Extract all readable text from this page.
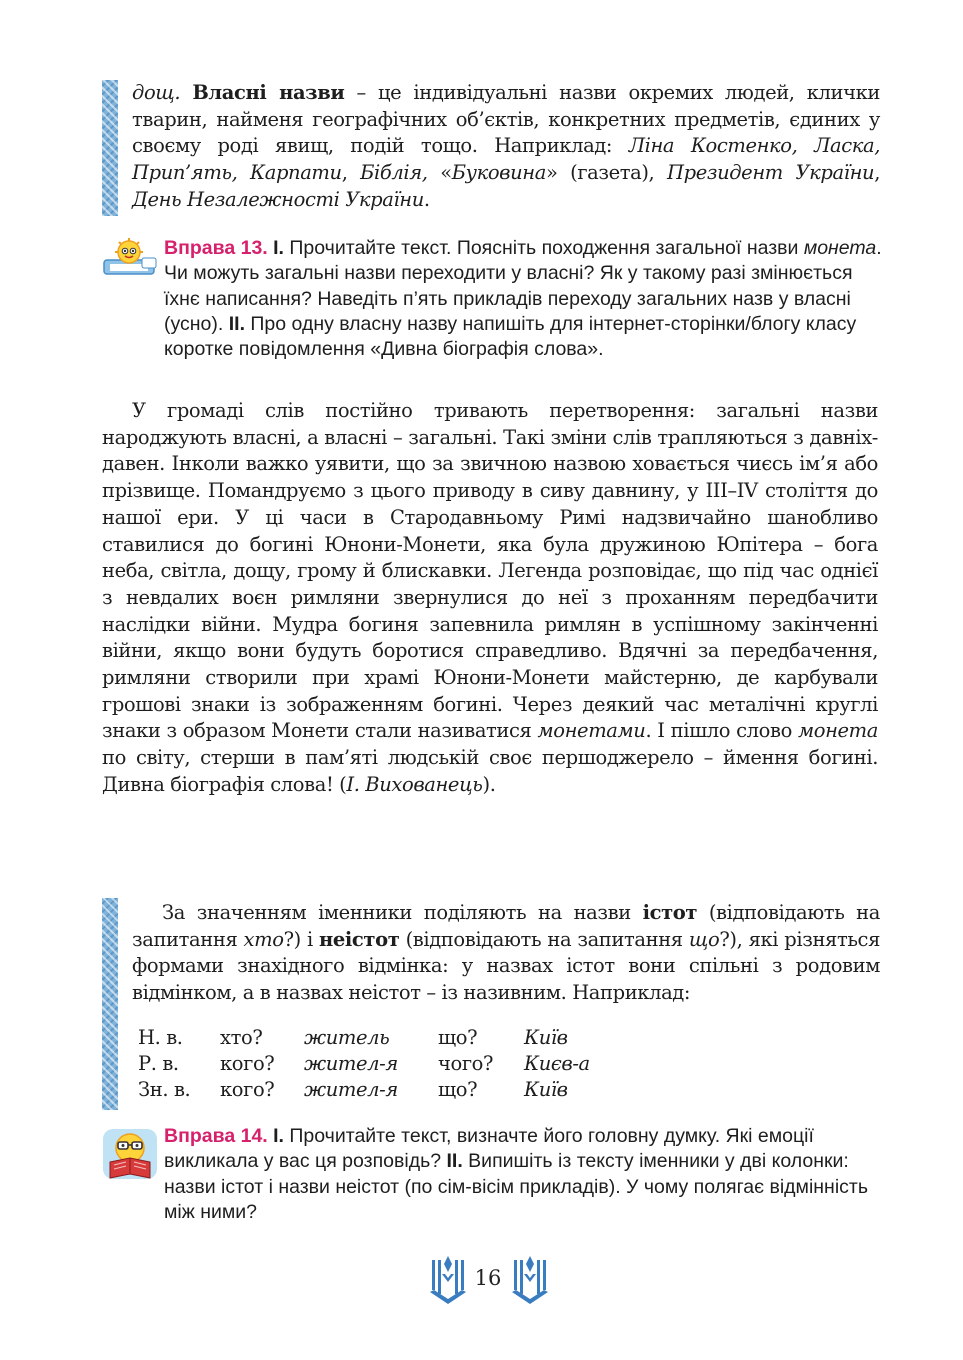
дощ. Власні назви – це індивідуальні назви окремих людей, клички тварин, найменя географічних об’єктів, конкретних предметів, єдиних у своєму роді явищ, подій тощо. Наприклад: Ліна Костенко, Ласка, Прип’ять, Карпати, Біблія, «Буковина» (газета), Президент України, День Незалежності України.

Вправа 13. І. Прочитайте текст. Поясніть походження загальної назви монета. Чи можуть загальні назви переходити у власні? Як у такому разі змінюється їхнє написання? Наведіть п’ять прикладів переходу загальних назв у власні (усно). ІІ. Про одну власну назву напишіть для інтернет-сторінки/блогу класу коротке повідомлення «Дивна біографія слова».
У громаді слів постійно тривають перетворення: загальні назви народжують власні, а власні – загальні. Такі зміни слів трапляються з давніх-давен. Інколи важко уявити, що за звичною назвою ховається чиєсь ім’я або прізвище. Помандруємо з цього приводу в сиву давнину, у III–IV століття до нашої ери. У ці часи в Стародавньому Римі надзвичайно шанобливо ставилися до богині Юнони-Монети, яка була дружиною Юпітера – бога неба, світла, дощу, грому й блискавки. Легенда розповідає, що під час однієї з невдалих воєн римляни звернулися до неї з проханням передбачити наслідки війни. Мудра богиня запевнила римлян в успішному закінченні війни, якщо вони будуть боротися справедливо. Вдячні за передбачення, римляни створили при храмі Юнони-Монети майстерню, де карбували грошові знаки із зображенням богині. Через деякий час металічні круглі знаки з образом Монети стали називатися монетами. І пішло слово монета по світу, стерши в пам’яті людській своє першоджерело – ймення богині. Дивна біографія слова! (І. Вихованець).
За значенням іменники поділяють на назви істот (відповідають на запитання хто?) і неістот (відповідають на запитання що?), які різняться формами знахідного відмінка: у назвах істот вони спільні з родовим відмінком, а в назвах неістот – із називним. Наприклад:
Н. в.	хто?	житель	що?	Київ
Р. в.	кого?	жител-я	чого?	Києв-а
Зн. в.	кого?	жител-я	що?	Київ
Вправа 14. І. Прочитайте текст, визначте його головну думку. Які емоції викликала у вас ця розповідь? ІІ. Випишіть із тексту іменники у дві колонки: назви істот і назви неістот (по сім-вісім прикладів). У чому полягає відмінність між ними?
16
